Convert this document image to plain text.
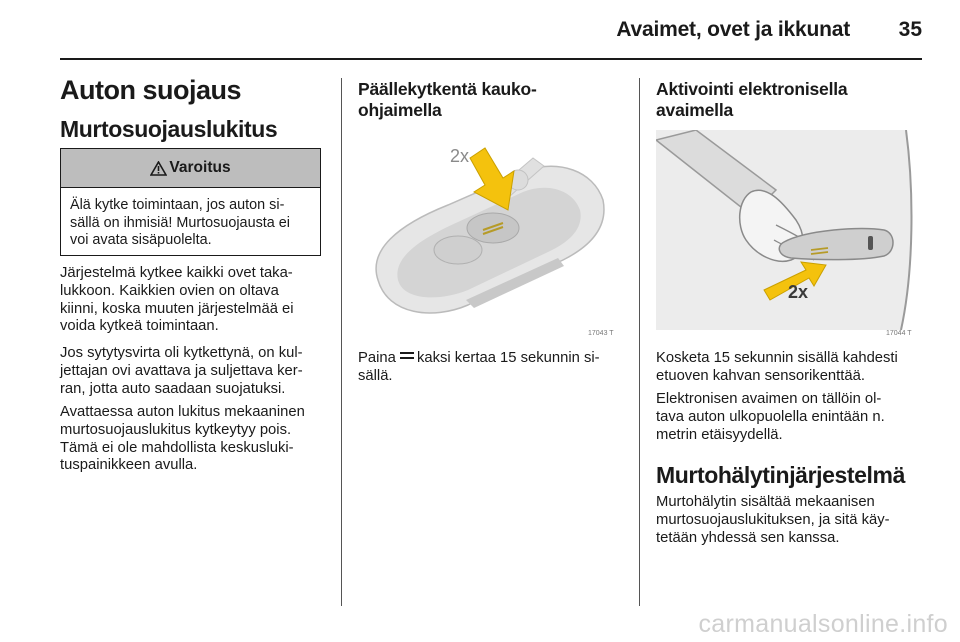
Avaimet, ovet ja ikkunat 35
Auton suojaus
Murtosuojauslukitus
Varoitus
Älä kytke toimintaan, jos auton si-
sällä on ihmisiä! Murtosuojausta ei
voi avata sisäpuolelta.

Järjestelmä kytkee kaikki ovet taka-
lukkoon. Kaikkien ovien on oltava
kiinni, koska muuten järjestelmää ei
voida kytkeä toimintaan.

Jos sytytysvirta oli kytkettynä, on kul-
jettajan ovi avattava ja suljettava ker-
ran, jotta auto saadaan suojatuksi.

Avattaessa auton lukitus mekaaninen
murtosuojauslukitus kytkeytyy pois.
Tämä ei ole mahdollista keskusluki-
tuspainikkeen avulla.

Päällekytkentä kauko-
ohjaimella
2x
17043 T

Paina kaksi kertaa 15 sekunnin si-
sällä.

Aktivointi elektronisella
avaimella
2x
17044 T

Kosketa 15 sekunnin sisällä kahdesti
etuoven kahvan sensorikenttää.

Elektronisen avaimen on tällöin ol-
tava auton ulkopuolella enintään n.
metrin etäisyydellä.

Murtohälytinjärjestelmä

Murtohälytin sisältää mekaanisen
murtosuojauslukituksen, ja sitä käy-
tetään yhdessä sen kanssa.

carmanualsonline.info
